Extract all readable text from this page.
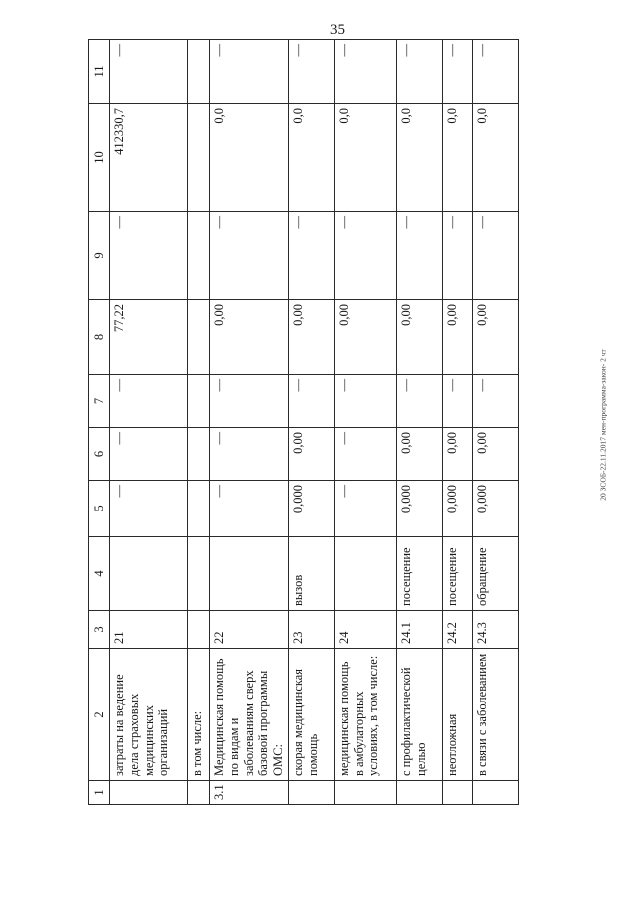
35
20 ЗСОБ-22.11.2017 мен-программа-закон- 2 чт
1	2	3	4	5	6	7	8	9	10	11
	затраты на ведение дела страховых медицинских организаций	21		—	—	—	77,22	—	412330,7	—
	в том числе:									
3.1	Медицинская помощь по видам и заболеваниям сверх базовой программы ОМС:	22		—	—	—	0,00	—	0,0	—
	скорая медицинская помощь	23	вызов	0,000	0,00	—	0,00	—	0,0	—
	медицинская помощь в амбулаторных условиях, в том числе:	24		—	—	—	0,00	—	0,0	—
	с профилактической целью	24.1	посещение	0,000	0,00	—	0,00	—	0,0	—
	неотложная	24.2	посещение	0,000	0,00	—	0,00	—	0,0	—
	в связи с заболеванием	24.3	обращение	0,000	0,00	—	0,00	—	0,0	—
